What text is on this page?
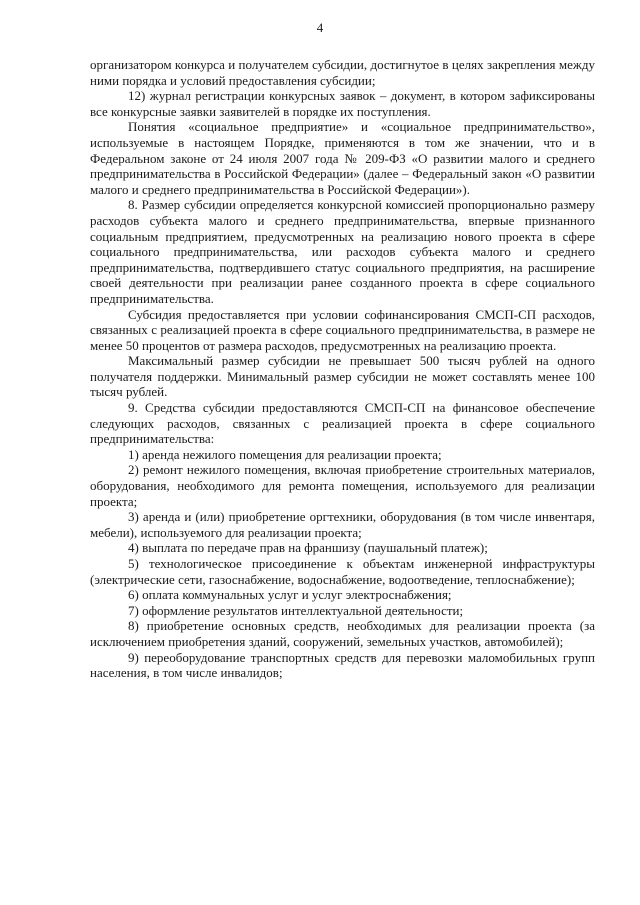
4

организатором конкурса и получателем субсидии, достигнутое в целях закрепления между ними порядка и условий предоставления субсидии;

12) журнал регистрации конкурсных заявок – документ, в котором зафиксированы все конкурсные заявки заявителей в порядке их поступления.

Понятия «социальное предприятие» и «социальное предпринимательство», используемые в настоящем Порядке, применяются в том же значении, что и в Федеральном законе от 24 июля 2007 года № 209-ФЗ «О развитии малого и среднего предпринимательства в Российской Федерации» (далее – Федеральный закон «О развитии малого и среднего предпринимательства в Российской Федерации»).

8. Размер субсидии определяется конкурсной комиссией пропорционально размеру расходов субъекта малого и среднего предпринимательства, впервые признанного социальным предприятием, предусмотренных на реализацию нового проекта в сфере социального предпринимательства, или расходов субъекта малого и среднего предпринимательства, подтвердившего статус социального предприятия, на расширение своей деятельности при реализации ранее созданного проекта в сфере социального предпринимательства.

Субсидия предоставляется при условии софинансирования СМСП-СП расходов, связанных с реализацией проекта в сфере социального предпринимательства, в размере не менее 50 процентов от размера расходов, предусмотренных на реализацию проекта.

Максимальный размер субсидии не превышает 500 тысяч рублей на одного получателя поддержки. Минимальный размер субсидии не может составлять менее 100 тысяч рублей.

9. Средства субсидии предоставляются СМСП-СП на финансовое обеспечение следующих расходов, связанных с реализацией проекта в сфере социального предпринимательства:

1) аренда нежилого помещения для реализации проекта;

2) ремонт нежилого помещения, включая приобретение строительных материалов, оборудования, необходимого для ремонта помещения, используемого для реализации проекта;

3) аренда и (или) приобретение оргтехники, оборудования (в том числе инвентаря, мебели), используемого для реализации проекта;

4) выплата по передаче прав на франшизу (паушальный платеж);

5) технологическое присоединение к объектам инженерной инфраструктуры (электрические сети, газоснабжение, водоснабжение, водоотведение, теплоснабжение);

6) оплата коммунальных услуг и услуг электроснабжения;

7) оформление результатов интеллектуальной деятельности;

8) приобретение основных средств, необходимых для реализации проекта (за исключением приобретения зданий, сооружений, земельных участков, автомобилей);

9) переоборудование транспортных средств для перевозки маломобильных групп населения, в том числе инвалидов;
